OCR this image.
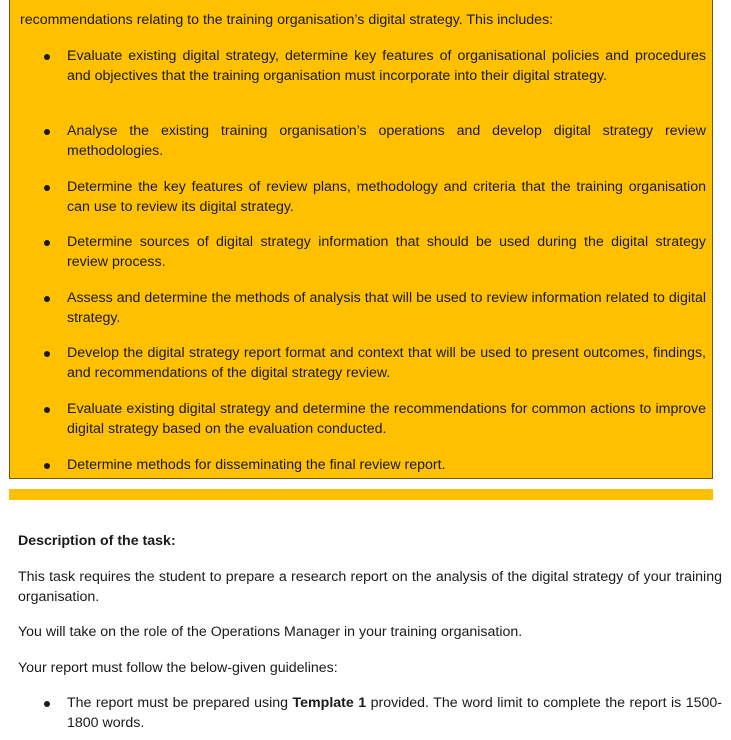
recommendations relating to the training organisation’s digital strategy. This includes:

Evaluate existing digital strategy, determine key features of organisational policies and procedures and objectives that the training organisation must incorporate into their digital strategy.
Analyse the existing training organisation’s operations and develop digital strategy review methodologies.
Determine the key features of review plans, methodology and criteria that the training organisation can use to review its digital strategy.
Determine sources of digital strategy information that should be used during the digital strategy review process.
Assess and determine the methods of analysis that will be used to review information related to digital strategy.
Develop the digital strategy report format and context that will be used to present outcomes, findings, and recommendations of the digital strategy review.
Evaluate existing digital strategy and determine the recommendations for common actions to improve digital strategy based on the evaluation conducted.
Determine methods for disseminating the final review report.
Description of the task:
This task requires the student to prepare a research report on the analysis of the digital strategy of your training organisation.
You will take on the role of the Operations Manager in your training organisation.
Your report must follow the below-given guidelines:
The report must be prepared using Template 1 provided. The word limit to complete the report is 1500-1800 words.
